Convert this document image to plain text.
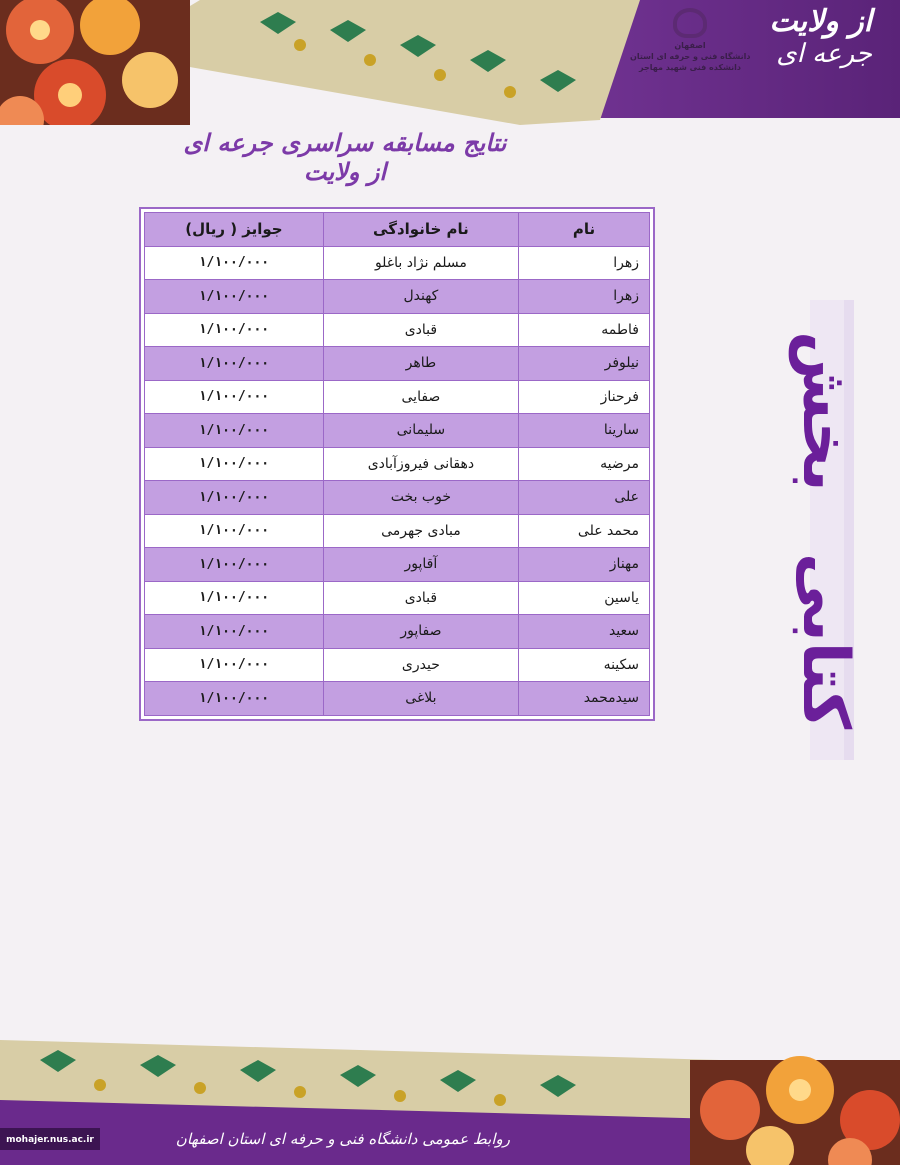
اصفهان
دانشگاه فنی و حرفه ای استان
دانشکده فنی شهید مهاجر
از ولایت
جرعه ای
نتایج مسابقه سراسری جرعه ای از ولایت
نام	نام خانوادگی	جوایز ( ریال)
زهرا	مسلم نژاد باغلو	۱/۱۰۰/۰۰۰
زهرا	کهندل	۱/۱۰۰/۰۰۰
فاطمه	قبادی	۱/۱۰۰/۰۰۰
نیلوفر	طاهر	۱/۱۰۰/۰۰۰
فرحناز	صفایی	۱/۱۰۰/۰۰۰
سارینا	سلیمانی	۱/۱۰۰/۰۰۰
مرضیه	دهقانی فیروزآبادی	۱/۱۰۰/۰۰۰
علی	خوب بخت	۱/۱۰۰/۰۰۰
محمد علی	مبادی جهرمی	۱/۱۰۰/۰۰۰
مهناز	آقاپور	۱/۱۰۰/۰۰۰
یاسین	قبادی	۱/۱۰۰/۰۰۰
سعید	صفاپور	۱/۱۰۰/۰۰۰
سکینه	حیدری	۱/۱۰۰/۰۰۰
سیدمحمد	بلاغی	۱/۱۰۰/۰۰۰
بخش
کتابی
mohajer.nus.ac.ir	روابط عمومی دانشگاه فنی و حرفه ای استان اصفهان
